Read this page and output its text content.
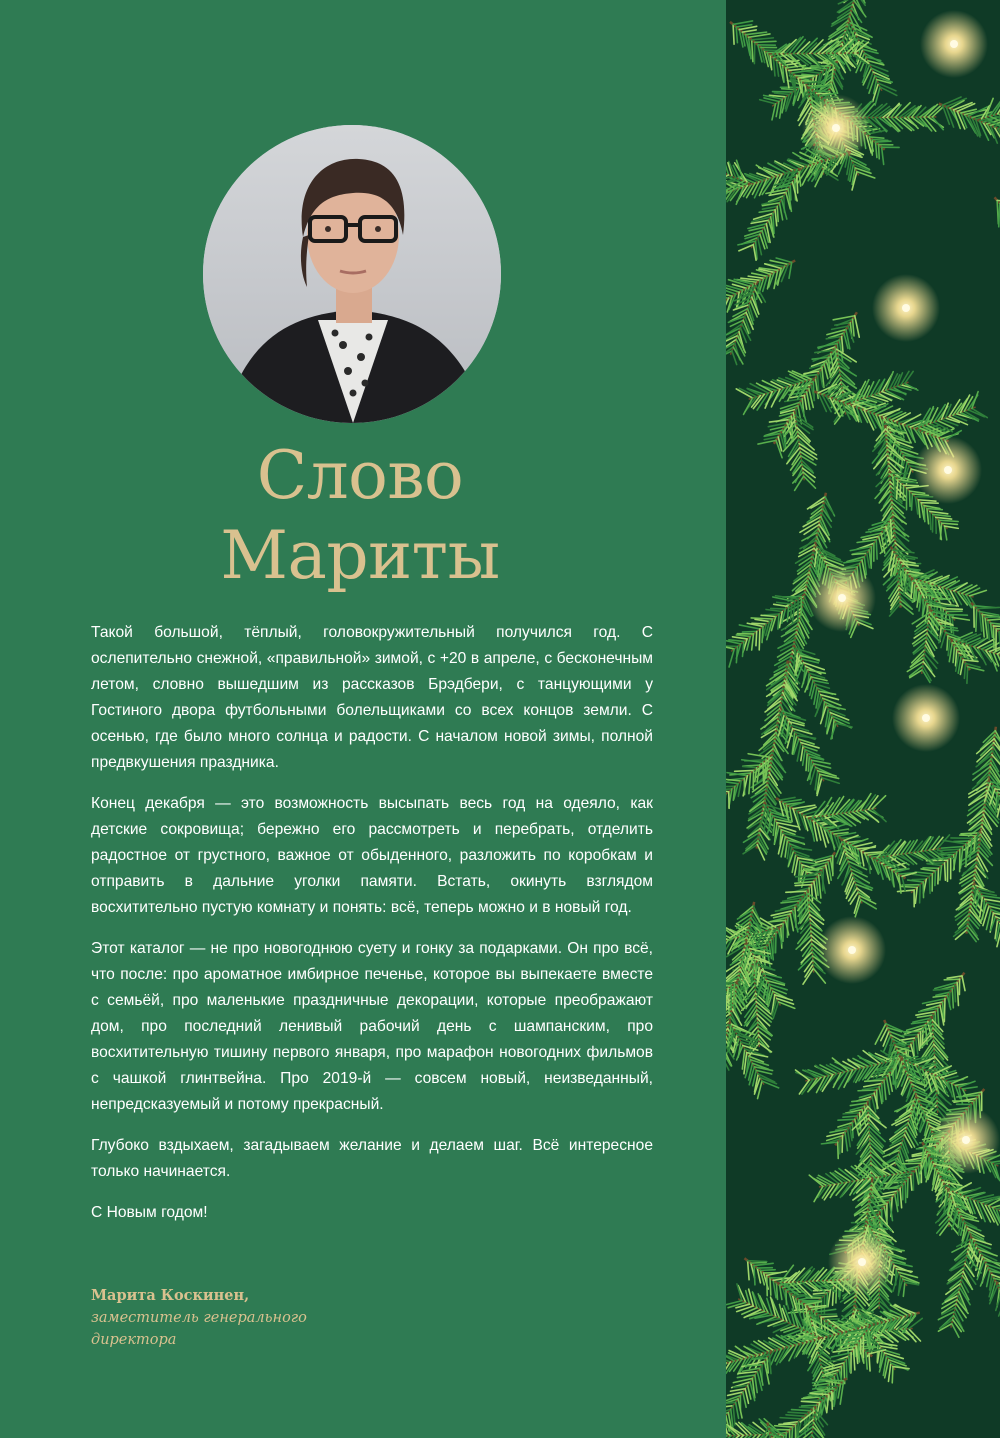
Слово
Мариты

Такой большой, тёплый, головокружительный получился год. С ослепительно снежной, «правильной» зимой, с +20 в апреле, с бесконечным летом, словно вышедшим из рассказов Брэдбери, с танцующими у Гостиного двора футбольными болельщиками со всех концов земли. С осенью, где было много солнца и радости. С началом новой зимы, полной предвкушения праздника.

Конец декабря — это возможность высыпать весь год на одеяло, как детские сокровища; бережно его рассмотреть и перебрать, отделить радостное от грустного, важное от обыденного, разложить по коробкам и отправить в дальние уголки памяти. Встать, окинуть взглядом восхитительно пустую комнату и понять: всё, теперь можно и в новый год.

Этот каталог — не про новогоднюю суету и гонку за подарками. Он про всё, что после: про ароматное имбирное печенье, которое вы выпекаете вместе с семьёй, про маленькие праздничные декорации, которые преображают дом, про последний ленивый рабочий день с шампанским, про восхитительную тишину первого января, про марафон новогодних фильмов с чашкой глинтвейна. Про 2019-й — совсем новый, неизведанный, непредсказуемый и потому прекрасный.

Глубоко вздыхаем, загадываем желание и делаем шаг. Всё интересное только начинается.

С Новым годом!

Марита Коскинен,
заместитель генерального
директора
